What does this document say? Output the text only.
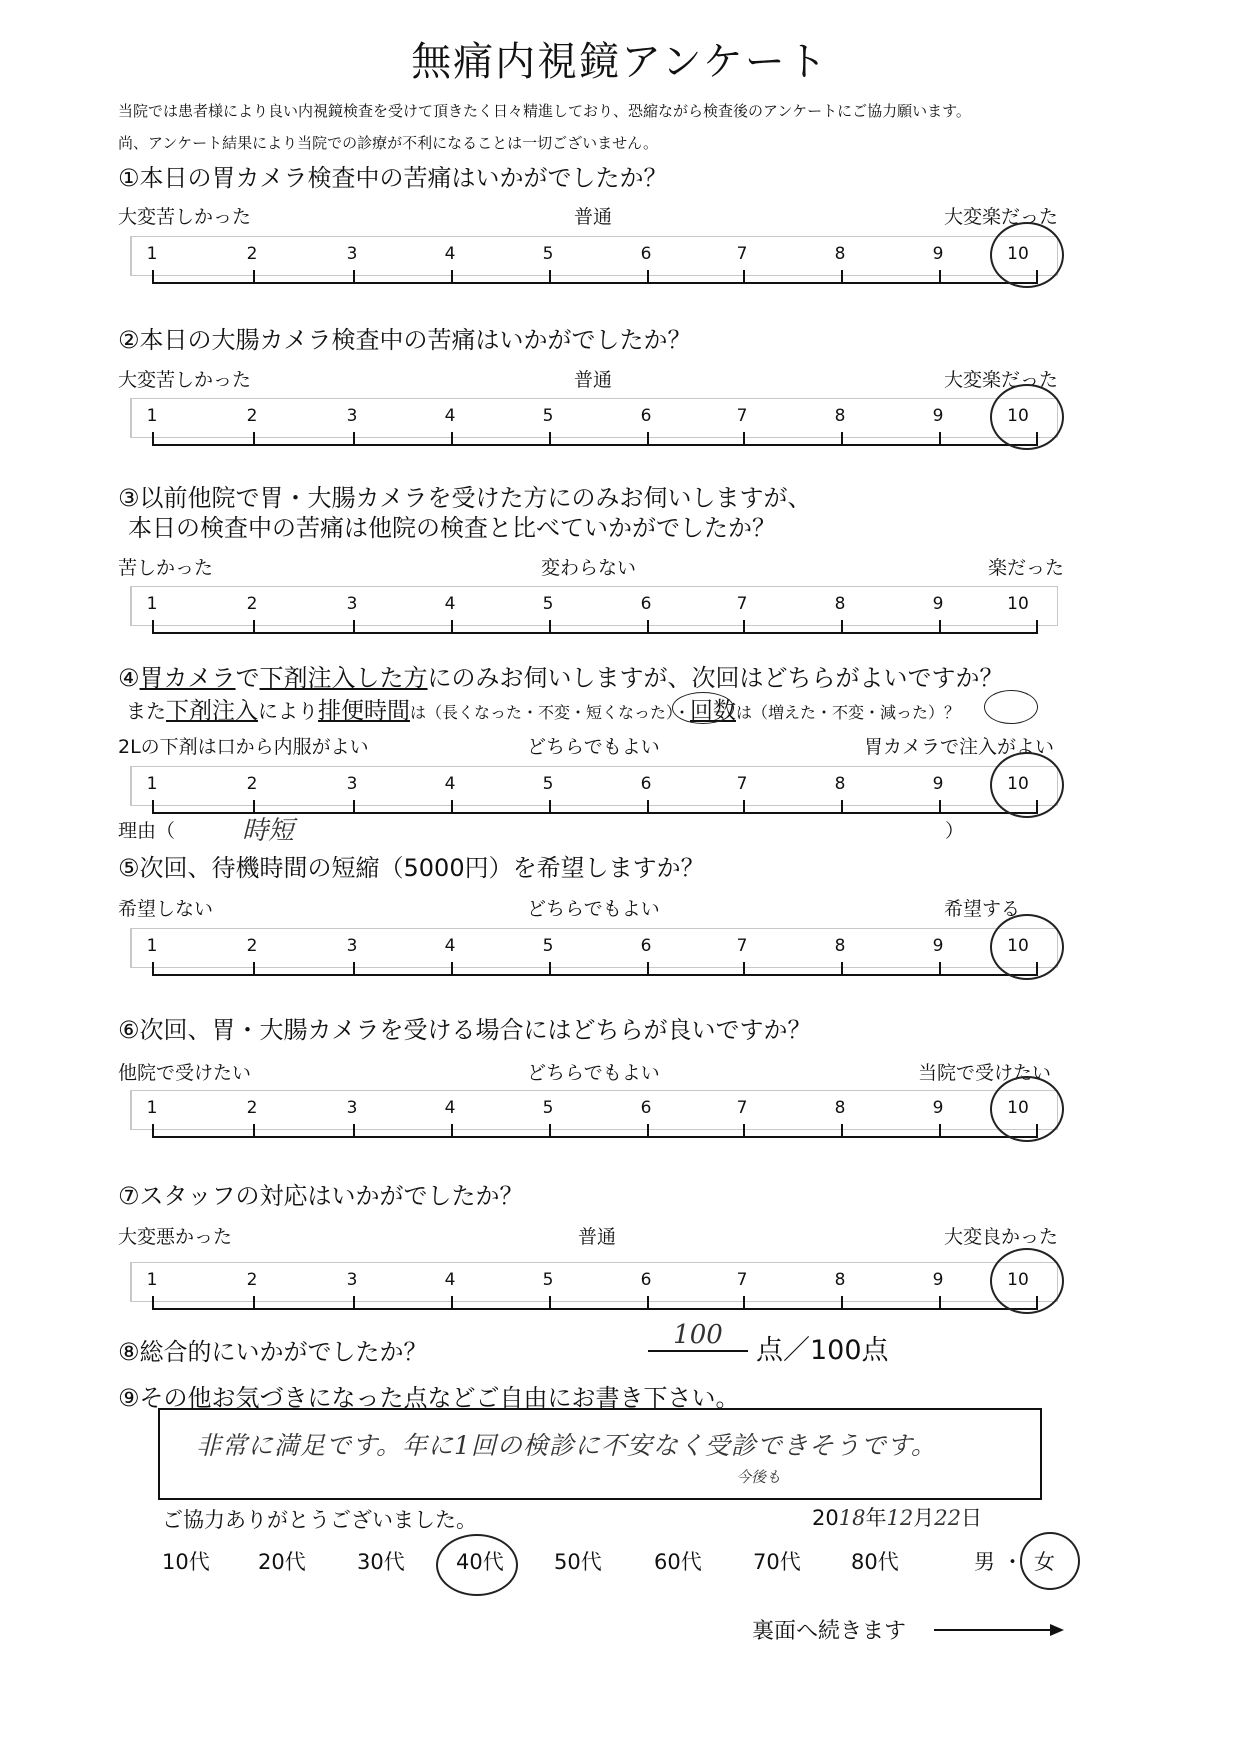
無痛内視鏡アンケート
当院では患者様により良い内視鏡検査を受けて頂きたく日々精進しており、恐縮ながら検査後のアンケートにご協力願います。
尚、アンケート結果により当院での診療が不利になることは一切ございません。
①本日の胃カメラ検査中の苦痛はいかがでしたか？
大変苦しかった	普通	大変楽だった
②本日の大腸カメラ検査中の苦痛はいかがでしたか？
大変苦しかった	普通	大変楽だった
③以前他院で胃・大腸カメラを受けた方にのみお伺いしますが、
本日の検査中の苦痛は他院の検査と比べていかがでしたか？
苦しかった	変わらない	楽だった
④胃カメラで下剤注入した方にのみお伺いしますが、次回はどちらがよいですか？
また下剤注入により排便時間は（長くなった・不変・短くなった）・回数は（増えた・不変・減った）？
2Lの下剤は口から内服がよい	どちらでもよい	胃カメラで注入がよい
理由（	時短	）
⑤次回、待機時間の短縮（5000円）を希望しますか？
希望しない	どちらでもよい	希望する
⑥次回、胃・大腸カメラを受ける場合にはどちらが良いですか？
他院で受けたい	どちらでもよい	当院で受けたい
⑦スタッフの対応はいかがでしたか？
大変悪かった	普通	大変良かった
⑧総合的にいかがでしたか？
100	点／100点
⑨その他お気づきになった点などご自由にお書き下さい。
非常に満足です。年に1回の検診に不安なく受診できそうです。
今後も
ご協力ありがとうございました。	2018年12月22日
10代 20代 30代 40代 50代 60代 70代 80代	男 ・ 女
裏面へ続きます
1	2	3	4	5	6	7	8	9	10
1	2	3	4	5	6	7	8	9	10
1	2	3	4	5	6	7	8	9	10
1	2	3	4	5	6	7	8	9	10
1	2	3	4	5	6	7	8	9	10
1	2	3	4	5	6	7	8	9	10
1	2	3	4	5	6	7	8	9	10
